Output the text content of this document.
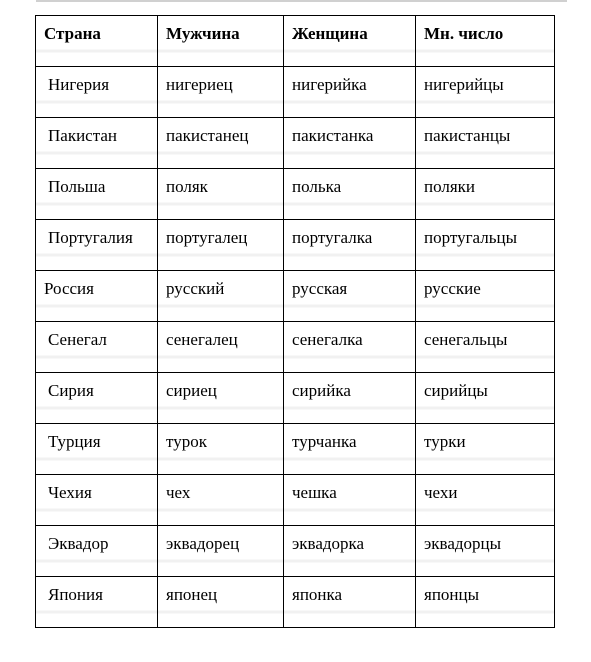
Страна	Мужчина	Женщина	Мн. число
Нигерия	нигериец	нигерийка	нигерийцы
Пакистан	пакистанец	пакистанка	пакистанцы
Польша	поляк	полька	поляки
Португалия	португалец	португалка	португальцы
Россия	русский	русская	русские
Сенегал	сенегалец	сенегалка	сенегальцы
Сирия	сириец	сирийка	сирийцы
Турция	турок	турчанка	турки
Чехия	чех	чешка	чехи
Эквадор	эквадорец	эквадорка	эквадорцы
Япония	японец	японка	японцы
